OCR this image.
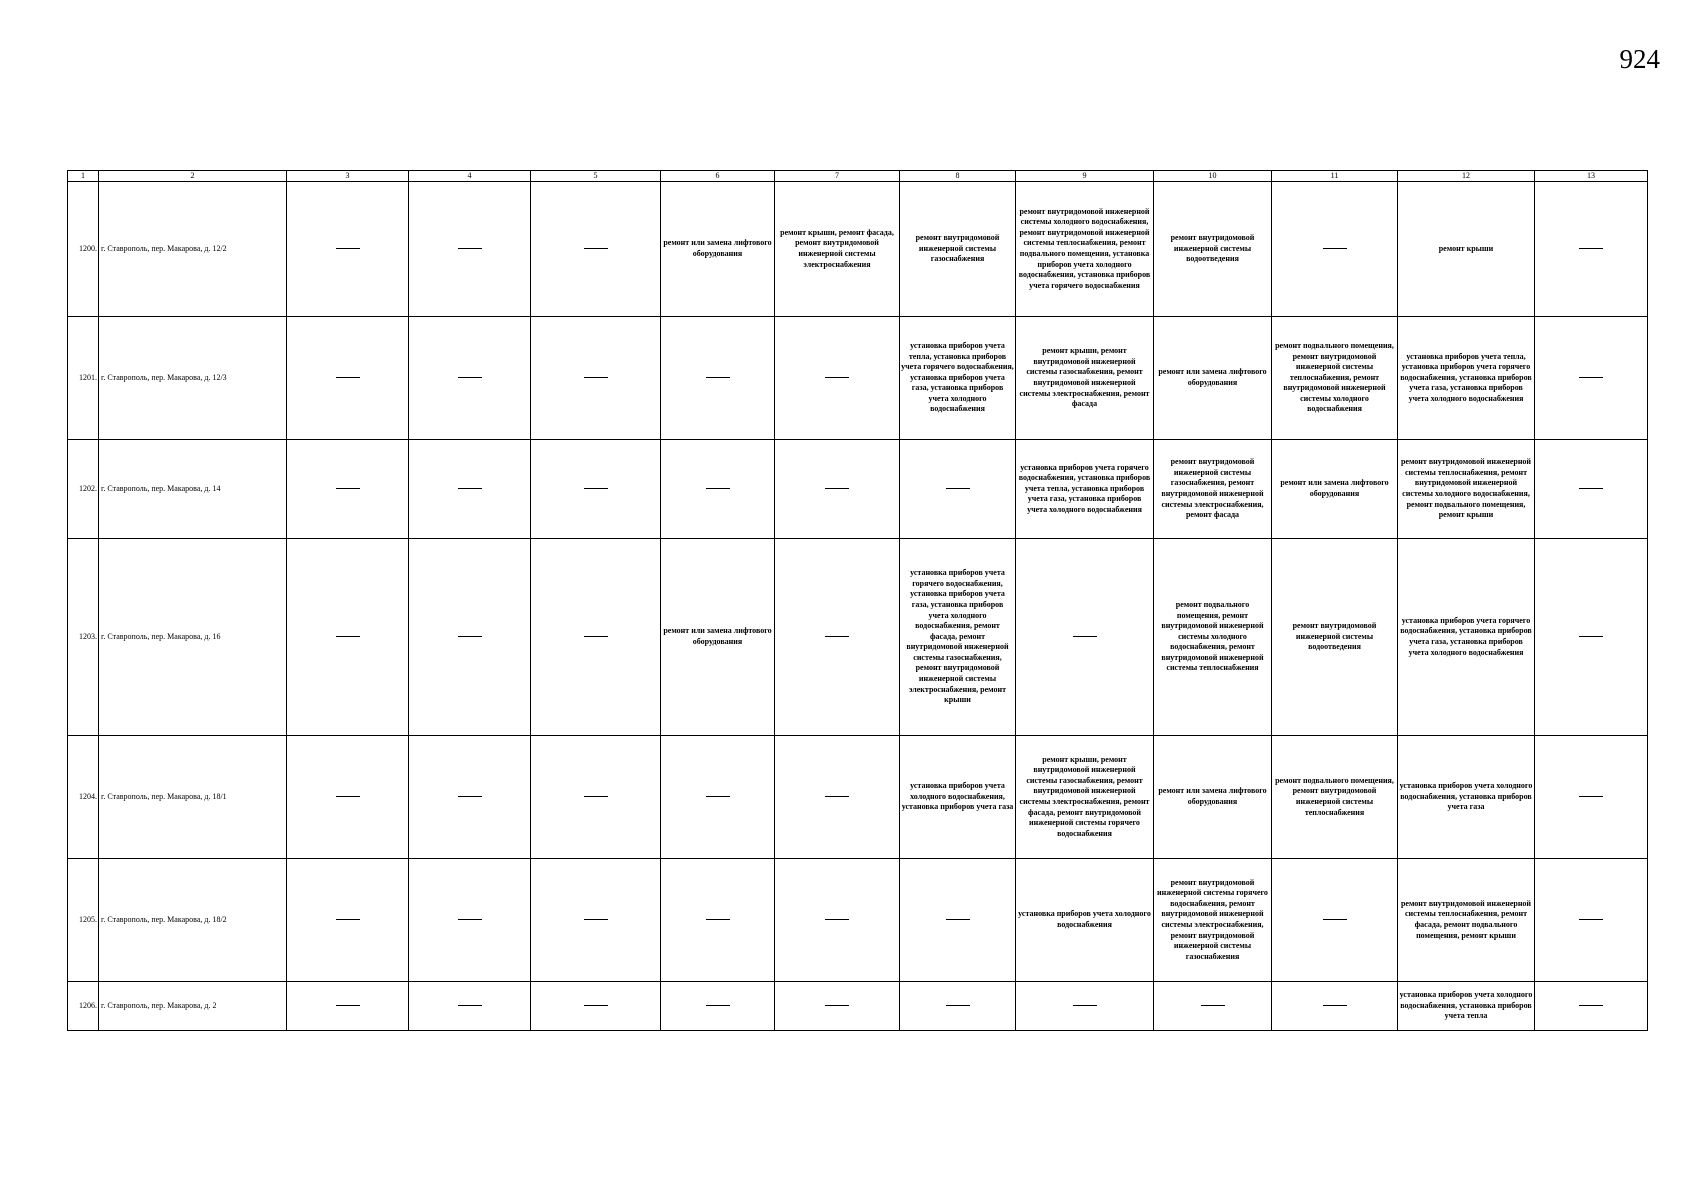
924
1	2	3	4	5	6	7	8	9	10	11	12	13
1200.	г. Ставрополь, пер. Макарова, д. 12/2				ремонт или замена лифтового оборудования	ремонт крыши, ремонт фасада, ремонт внутридомовой инженерной системы электроснабжения	ремонт внутридомовой инженерной системы газоснабжения	ремонт внутридомовой инженерной системы холодного водоснабжения, ремонт внутридомовой инженерной системы теплоснабжения, ремонт подвального помещения, установка приборов учета холодного водоснабжения, установка приборов учета горячего водоснабжения	ремонт внутридомовой инженерной системы водоотведения		ремонт крыши	
1201.	г. Ставрополь, пер. Макарова, д. 12/3						установка приборов учета тепла, установка приборов учета горячего водоснабжения, установка приборов учета газа, установка приборов учета холодного водоснабжения	ремонт крыши, ремонт внутридомовой инженерной системы газоснабжения, ремонт внутридомовой инженерной системы электроснабжения, ремонт фасада	ремонт или замена лифтового оборудования	ремонт подвального помещения, ремонт внутридомовой инженерной системы теплоснабжения, ремонт внутридомовой инженерной системы холодного водоснабжения	установка приборов учета тепла, установка приборов учета горячего водоснабжения, установка приборов учета газа, установка приборов учета холодного водоснабжения	
1202.	г. Ставрополь, пер. Макарова, д. 14							установка приборов учета горячего водоснабжения, установка приборов учета тепла, установка приборов учета газа, установка приборов учета холодного водоснабжения	ремонт внутридомовой инженерной системы газоснабжения, ремонт внутридомовой инженерной системы электроснабжения, ремонт фасада	ремонт или замена лифтового оборудования	ремонт внутридомовой инженерной системы теплоснабжения, ремонт внутридомовой инженерной системы холодного водоснабжения, ремонт подвального помещения, ремонт крыши	
1203.	г. Ставрополь, пер. Макарова, д. 16				ремонт или замена лифтового оборудования		установка приборов учета горячего водоснабжения, установка приборов учета газа, установка приборов учета холодного водоснабжения, ремонт фасада, ремонт внутридомовой инженерной системы газоснабжения, ремонт внутридомовой инженерной системы электроснабжения, ремонт крыши		ремонт подвального помещения, ремонт внутридомовой инженерной системы холодного водоснабжения, ремонт внутридомовой инженерной системы теплоснабжения	ремонт внутридомовой инженерной системы водоотведения	установка приборов учета горячего водоснабжения, установка приборов учета газа, установка приборов учета холодного водоснабжения	
1204.	г. Ставрополь, пер. Макарова, д. 18/1						установка приборов учета холодного водоснабжения, установка приборов учета газа	ремонт крыши, ремонт внутридомовой инженерной системы газоснабжения, ремонт внутридомовой инженерной системы электроснабжения, ремонт фасада, ремонт внутридомовой инженерной системы горячего водоснабжения	ремонт или замена лифтового оборудования	ремонт подвального помещения, ремонт внутридомовой инженерной системы теплоснабжения	установка приборов учета холодного водоснабжения, установка приборов учета газа	
1205.	г. Ставрополь, пер. Макарова, д. 18/2							установка приборов учета холодного водоснабжения	ремонт внутридомовой инженерной системы горячего водоснабжения, ремонт внутридомовой инженерной системы электроснабжения, ремонт внутридомовой инженерной системы газоснабжения		ремонт внутридомовой инженерной системы теплоснабжения, ремонт фасада, ремонт подвального помещения, ремонт крыши	
1206.	г. Ставрополь, пер. Макарова, д. 2										установка приборов учета холодного водоснабжения, установка приборов учета тепла	
